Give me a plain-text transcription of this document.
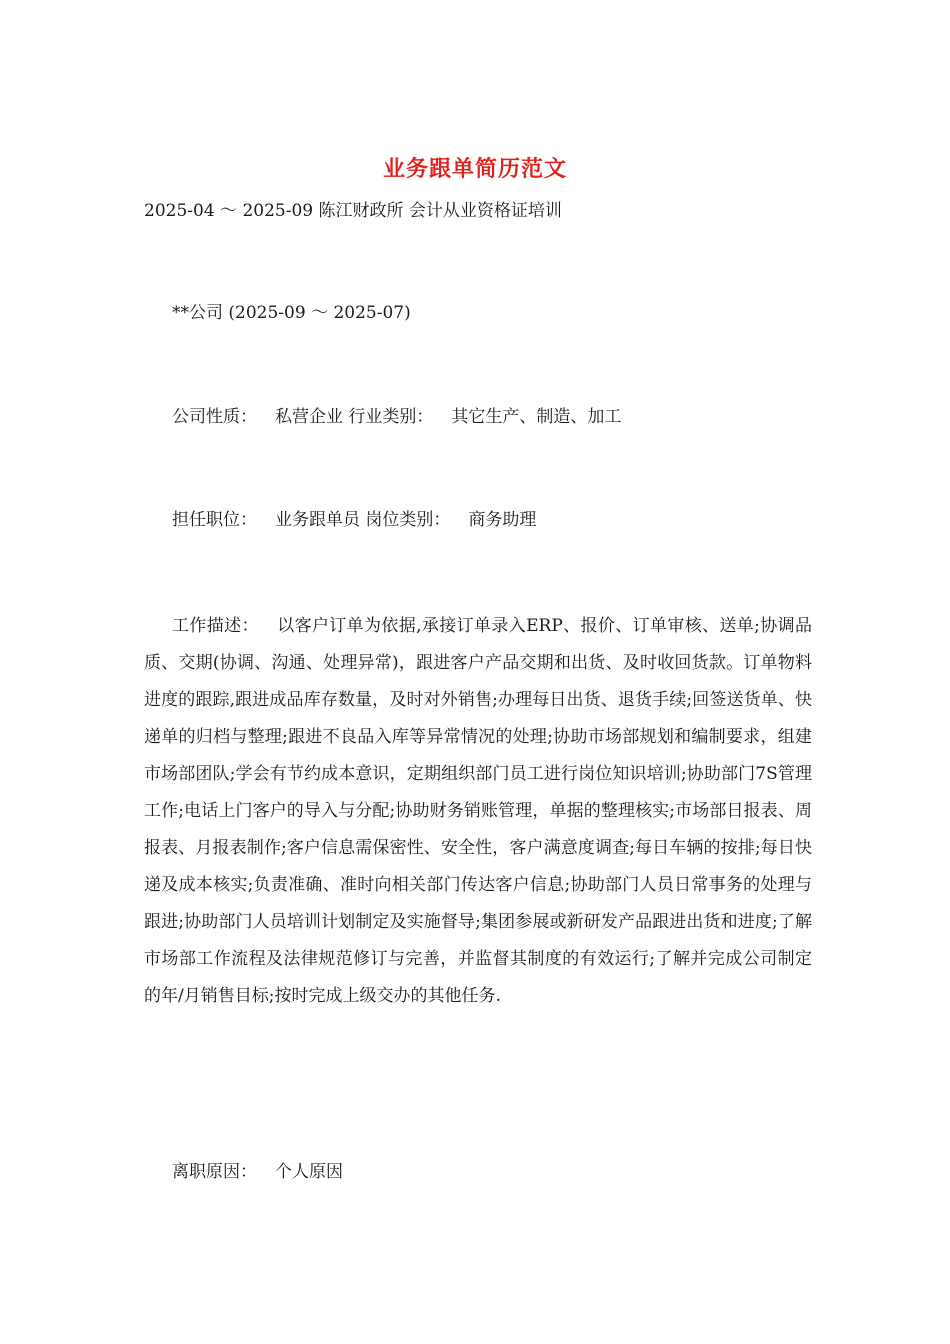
业务跟单简历范文
2025-04 ～ 2025-09 陈江财政所 会计从业资格证培训
**公司 (2025-09 ～ 2025-07)
公司性质： 私营企业 行业类别： 其它生产、制造、加工
担任职位： 业务跟单员 岗位类别： 商务助理
工作描述： 以客户订单为依据,承接订单录入ERP、报价、订单审核、送单;协调品质、交期(协调、沟通、处理异常)，跟进客户产品交期和出货、及时收回货款。订单物料进度的跟踪,跟进成品库存数量，及时对外销售;办理每日出货、退货手续;回签送货单、快递单的归档与整理;跟进不良品入库等异常情况的处理;协助市场部规划和编制要求，组建市场部团队;学会有节约成本意识，定期组织部门员工进行岗位知识培训;协助部门7S管理工作;电话上门客户的导入与分配;协助财务销账管理，单据的整理核实;市场部日报表、周报表、月报表制作;客户信息需保密性、安全性，客户满意度调查;每日车辆的按排;每日快递及成本核实;负责准确、准时向相关部门传达客户信息;协助部门人员日常事务的处理与跟进;协助部门人员培训计划制定及实施督导;集团参展或新研发产品跟进出货和进度;了解市场部工作流程及法律规范修订与完善，并监督其制度的有效运行;了解并完成公司制定的年/月销售目标;按时完成上级交办的其他任务.
离职原因： 个人原因
